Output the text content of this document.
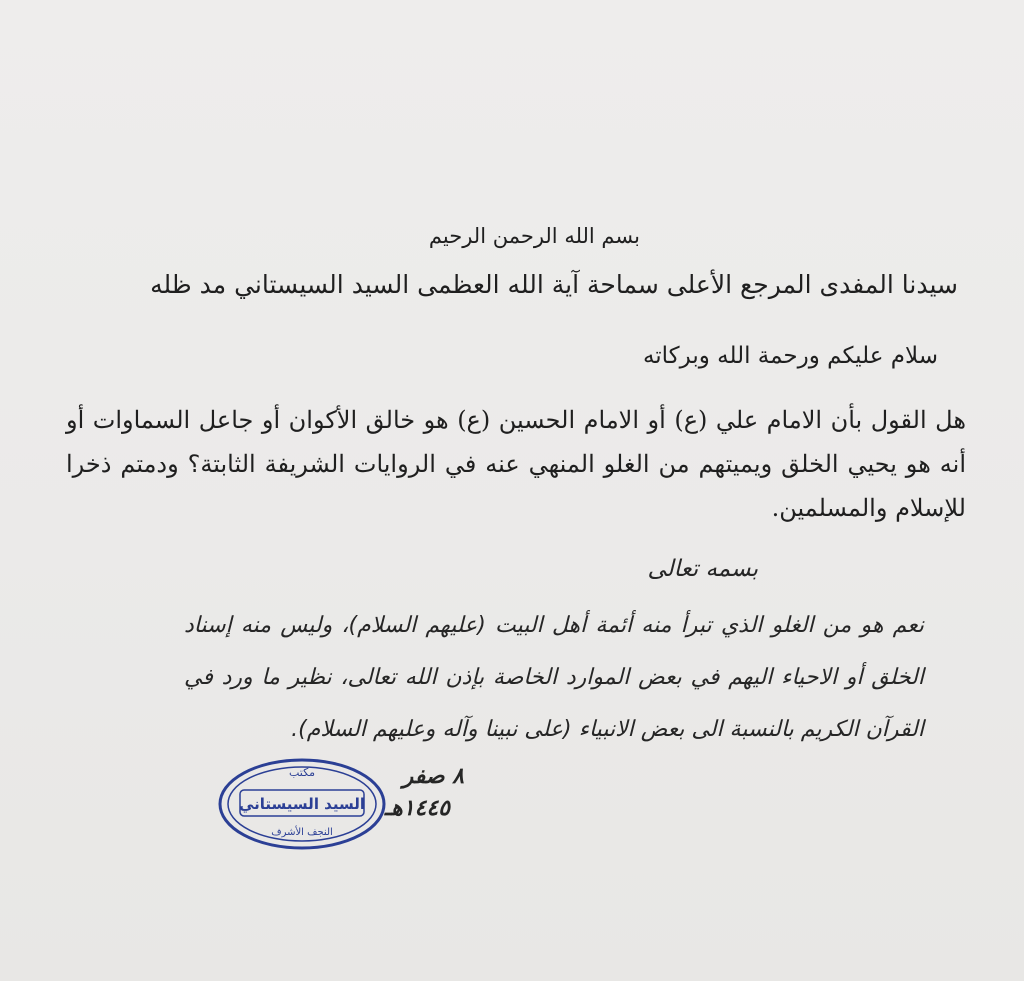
بسم الله الرحمن الرحيم
سيدنا المفدى المرجع الأعلى سماحة آية الله العظمى السيد السيستاني مد ظله
سلام عليكم ورحمة الله وبركاته
هل القول بأن الامام علي (ع) أو الامام الحسين (ع) هو خالق الأكوان أو جاعل السماوات أو أنه هو يحيي الخلق ويميتهم من الغلو المنهي عنه في الروايات الشريفة الثابتة؟ ودمتم ذخرا للإسلام والمسلمين.
بسمه تعالى
نعم هو من الغلو الذي تبرأ منه أئمة أهل البيت (عليهم السلام)، وليس منه إسناد الخلق أو الاحياء اليهم في بعض الموارد الخاصة بإذن الله تعالى، نظير ما ورد في القرآن الكريم بالنسبة الى بعض الانبياء (على نبينا وآله وعليهم السلام).
٨ صفر
١٤٤٥هـ
مكتب
السيد السيستاني
النجف الأشرف
